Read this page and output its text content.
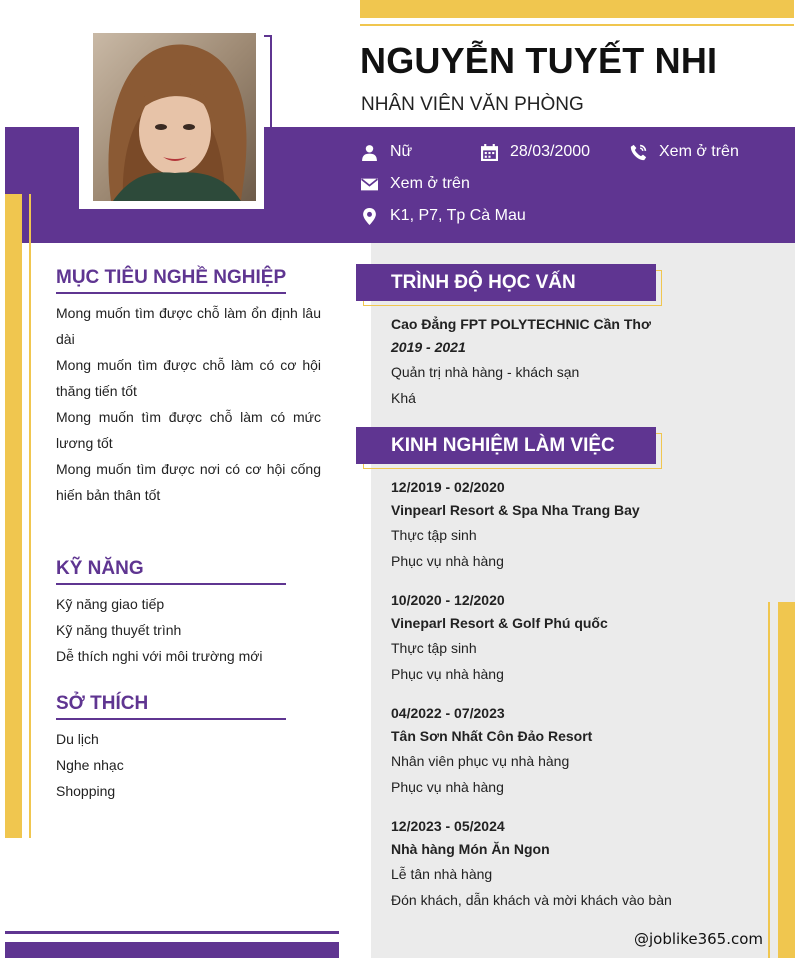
NGUYỄN TUYẾT NHI
NHÂN VIÊN VĂN PHÒNG
Nữ	28/03/2000	Xem ở trên
Xem ở trên
K1, P7, Tp Cà Mau
MỤC TIÊU NGHỀ NGHIỆP
Mong muốn tìm được chỗ làm ổn định lâu dài
Mong muốn tìm được chỗ làm có cơ hội thăng tiến tốt
Mong muốn tìm được chỗ làm có mức lương tốt
Mong muốn tìm được nơi có cơ hội cống hiến bản thân tốt
KỸ NĂNG
Kỹ năng giao tiếp
Kỹ năng thuyết trình
Dễ thích nghi với môi trường mới
SỞ THÍCH
Du lịch
Nghe nhạc
Shopping
TRÌNH ĐỘ HỌC VẤN
Cao Đẳng FPT POLYTECHNIC Cần Thơ
2019 - 2021
Quản trị nhà hàng - khách sạn
Khá
KINH NGHIỆM LÀM VIỆC
12/2019 - 02/2020
Vinpearl Resort & Spa Nha Trang Bay
Thực tập sinh
Phục vụ nhà hàng
10/2020 - 12/2020
Vineparl Resort & Golf Phú quốc
Thực tập sinh
Phục vụ nhà hàng
04/2022 - 07/2023
Tân Sơn Nhất Côn Đảo Resort
Nhân viên phục vụ nhà hàng
Phục vụ nhà hàng
12/2023 - 05/2024
Nhà hàng Món Ăn Ngon
Lễ tân nhà hàng
Đón khách, dẫn khách và mời khách vào bàn
@joblike365.com
